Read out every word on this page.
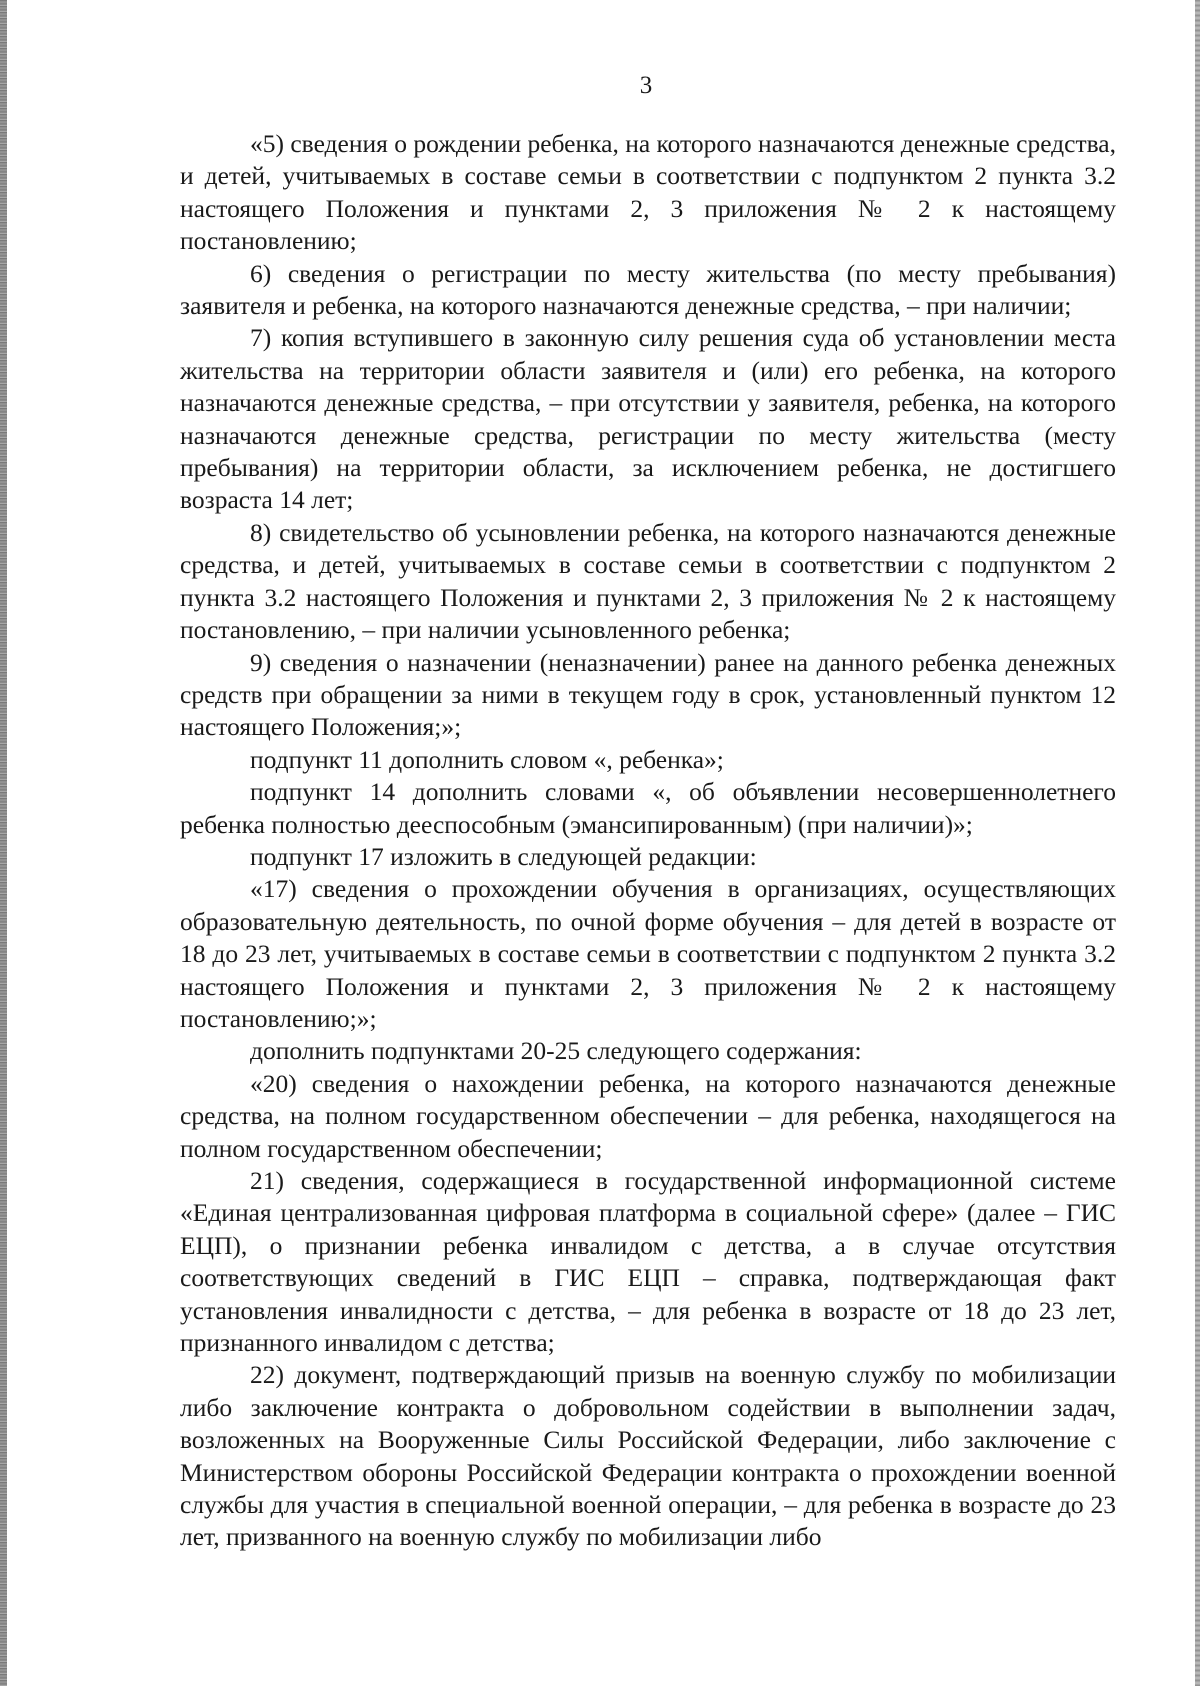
3

«5) сведения о рождении ребенка, на которого назначаются денежные средства, и детей, учитываемых в составе семьи в соответствии с подпунктом 2 пункта 3.2 настоящего Положения и пунктами 2, 3 приложения № 2 к настоящему постановлению;

6) сведения о регистрации по месту жительства (по месту пребывания) заявителя и ребенка, на которого назначаются денежные средства, – при наличии;

7) копия вступившего в законную силу решения суда об установлении места жительства на территории области заявителя и (или) его ребенка, на которого назначаются денежные средства, – при отсутствии у заявителя, ребенка, на которого назначаются денежные средства, регистрации по месту жительства (месту пребывания) на территории области, за исключением ребенка, не достигшего возраста 14 лет;

8) свидетельство об усыновлении ребенка, на которого назначаются денежные средства, и детей, учитываемых в составе семьи в соответствии с подпунктом 2 пункта 3.2 настоящего Положения и пунктами 2, 3 приложения № 2 к настоящему постановлению, – при наличии усыновленного ребенка;

9) сведения о назначении (неназначении) ранее на данного ребенка денежных средств при обращении за ними в текущем году в срок, установленный пунктом 12 настоящего Положения;»;

подпункт 11 дополнить словом «, ребенка»;

подпункт 14 дополнить словами «, об объявлении несовершеннолетнего ребенка полностью дееспособным (эмансипированным) (при наличии)»;

подпункт 17 изложить в следующей редакции:

«17) сведения о прохождении обучения в организациях, осуществляющих образовательную деятельность, по очной форме обучения – для детей в возрасте от 18 до 23 лет, учитываемых в составе семьи в соответствии с подпунктом 2 пункта 3.2 настоящего Положения и пунктами 2, 3 приложения № 2 к настоящему постановлению;»;

дополнить подпунктами 20-25 следующего содержания:

«20) сведения о нахождении ребенка, на которого назначаются денежные средства, на полном государственном обеспечении – для ребенка, находящегося на полном государственном обеспечении;

21) сведения, содержащиеся в государственной информационной системе «Единая централизованная цифровая платформа в социальной сфере» (далее – ГИС ЕЦП), о признании ребенка инвалидом с детства, а в случае отсутствия соответствующих сведений в ГИС ЕЦП – справка, подтверждающая факт установления инвалидности с детства, – для ребенка в возрасте от 18 до 23 лет, признанного инвалидом с детства;

22) документ, подтверждающий призыв на военную службу по мобилизации либо заключение контракта о добровольном содействии в выполнении задач, возложенных на Вооруженные Силы Российской Федерации, либо заключение с Министерством обороны Российской Федерации контракта о прохождении военной службы для участия в специальной военной операции, – для ребенка в возрасте до 23 лет, призванного на военную службу по мобилизации либо
